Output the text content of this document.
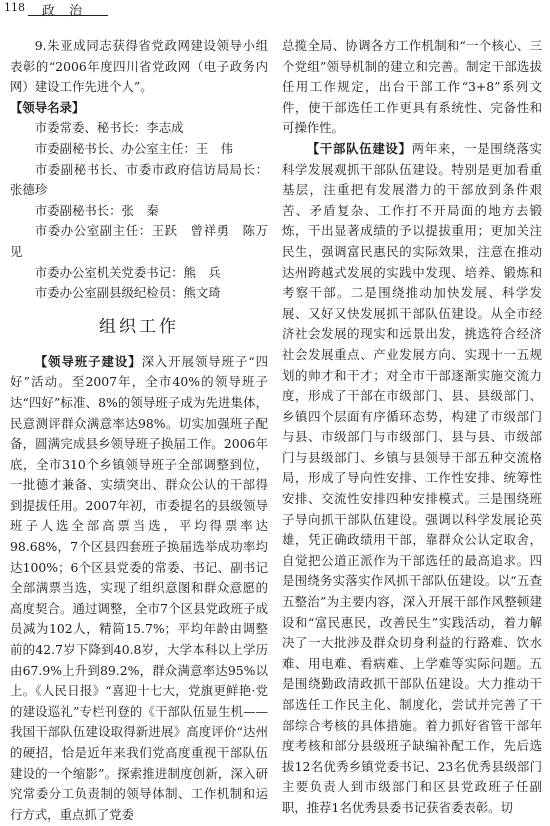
118 政 治

9.朱亚成同志获得省党政网建设领导小组表彰的“2006年度四川省党政网（电子政务内网）建设工作先进个人”。

【领导名录】

市委常委、秘书长：李志成

市委副秘书长、办公室主任：王　伟

市委副秘书长、市委市政府信访局局长：张德珍

市委副秘书长：张　秦

市委办公室副主任：王跃　曾祥勇　陈万见

市委办公室机关党委书记：熊　兵

市委办公室副县级纪检员：熊文琦

组织工作

【领导班子建设】深入开展领导班子“四好”活动。至2007年，全市40%的领导班子达“四好”标准、8%的领导班子成为先进集体，民意测评群众满意率达98%。切实加强班子配备，圆满完成县乡领导班子换届工作。2006年底，全市310个乡镇领导班子全部调整到位，一批德才兼备、实绩突出、群众公认的干部得到提拔任用。2007年初，市委提名的县级领导班子人选全部高票当选，平均得票率达98.68%，7个区县四套班子换届选举成功率均达100%；6个区县党委的常委、书记、副书记全部满票当选，实现了组织意图和群众意愿的高度契合。通过调整，全市7个区县党政班子成员减为102人，精简15.7%；平均年龄由调整前的42.7岁下降到40.8岁，大学本科以上学历由67.9%上升到89.2%，群众满意率达95%以上。《人民日报》“喜迎十七大，党旗更鲜艳·党的建设巡礼”专栏刊登的《干部队伍显生机——我国干部队伍建设取得新进展》高度评价“达州的硬招，恰是近年来我们党高度重视干部队伍建设的一个缩影”。探索推进制度创新，深入研究常委分工负责制的领导体制、工作机制和运行方式，重点抓了党委

总揽全局、协调各方工作机制和“一个核心、三个党组”领导机制的建立和完善。制定干部选拔任用工作规定，出台干部工作“3+8”系列文件，使干部选任工作更具有系统性、完备性和可操作性。

【干部队伍建设】两年来，一是围绕落实科学发展观抓干部队伍建设。特别是更加看重基层，注重把有发展潜力的干部放到条件艰苦、矛盾复杂、工作打不开局面的地方去锻炼，干出显著成绩的予以提拔重用；更加关注民生，强调富民惠民的实际效果，注意在推动达州跨越式发展的实践中发现、培养、锻炼和考察干部。二是围绕推动加快发展、科学发展、又好又快发展抓干部队伍建设。从全市经济社会发展的现实和远景出发，挑选符合经济社会发展重点、产业发展方向、实现十一五规划的帅才和干才；对全市干部逐渐实施交流力度，形成了干部在市级部门、县、县级部门、乡镇四个层面有序循环态势，构建了市级部门与县、市级部门与市级部门、县与县、市级部门与县级部门、乡镇与县领导干部五种交流格局，形成了导向性安排、工作性安排、统筹性安排、交流性安排四种安排模式。三是围绕班子导向抓干部队伍建设。强调以科学发展论英雄，凭正确政绩用干部，靠群众公认定取舍，自觉把公道正派作为干部选任的最高追求。四是围绕务实落实作风抓干部队伍建设。以“五查五整治”为主要内容，深入开展干部作风整顿建设和“富民惠民，改善民生”实践活动，着力解决了一大批涉及群众切身利益的行路难、饮水难、用电难、看病难、上学难等实际问题。五是围绕勤政清政抓干部队伍建设。大力推动干部选任工作民主化、制度化，尝试并完善了干部综合考核的具体措施。着力抓好省管干部年度考核和部分县级班子缺编补配工作，先后选拔12名优秀乡镇党委书记、23名优秀县级部门主要负责人到市级部门和区县党政班子任副职，推荐1名优秀县委书记获省委表彰。切
